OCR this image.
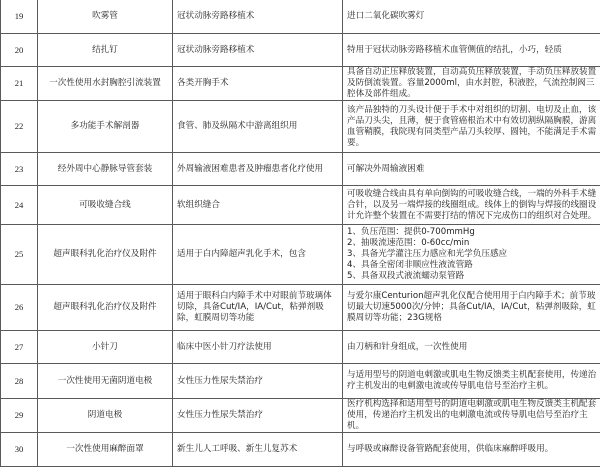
19	吹雾管	冠状动脉旁路移植术	进口二氧化碳吹雾灯
20	结扎钉	冠状动脉旁路移植术	特用于冠状动脉旁路移植术血管侧值的结扎，小巧，轻质
21	一次性使用水封胸腔引流装置	各类开胸手术	具备自动正压释放装置，自动高负压释放装置，手动负压释放装置及防倒流装置。容量2000ml，由水封腔，积液腔，气流控制阀三腔体及部件组成。
22	多功能手术解剖器	食管、肺及纵隔术中游离组织用	该产品独特的刀头设计便于手术中对组织的切割、电切及止血，该产品刀头尖，且薄，便于食管癌根治术中有效切割纵隔胸膜，游离血管鞘膜，我院现有同类型产品刀头较厚、圆钝，不能满足手术需要。
23	经外周中心静脉导管套装	外周输液困难患者及肿瘤患者化疗使用	可解决外周输液困难
24	可吸收缝合线	软组织缝合	可吸收缝合线由具有单向倒钩的可吸收缝合线，一端的外科手术缝合针，以及另一端焊接的线圈组成。线体上的倒钩与焊接的线圈设计允许整个装置在不需要打结的情况下完成伤口的组织对合处理。
25	超声眼科乳化治疗仪及附件	适用于白内障超声乳化手术，包含	1、负压范围：提供0-700mmHg
2、抽吸流速范围：0-60cc/min
3、具备光学灌注压力感应和光学负压感应
4、具备全密闭非顺应性液流管路
5、具备双段式液流蠕动泵管路

26	超声眼科乳化治疗仪及附件	适用于眼科白内障手术中对眼前节玻璃体切除，具备Cut/IA，IA/Cut，粘弹剂吸除，虹膜周切等功能	与爱尔康Centurion超声乳化仪配合使用用于白内障手术；前节玻切最大切速5000次/分钟；具备Cut/IA，IA/Cut，粘弹剂吸除，虹膜周切等功能；23G规格
27	小针刀	临床中医小针刀疗法使用	由刀柄和针身组成，一次性使用
28	一次性使用无菌阴道电极	女性压力性尿失禁治疗	与适用型号的阴道电刺激或肌电生物反馈类主机配套使用，传递治疗主机发出的电刺激电流或传导肌电信号至治疗主机。
29	阴道电极	女性压力性尿失禁治疗	医疗机构选择和适用型号的阴道电刺激或肌电生物反馈类主机配套使用，传递治疗主机发出的电刺激电流或传导肌电信号至治疗主机。
30	一次性使用麻醉面罩	新生儿人工呼吸、新生儿复苏术	与呼吸或麻醉设备管路配套使用，供临床麻醉呼吸用。
